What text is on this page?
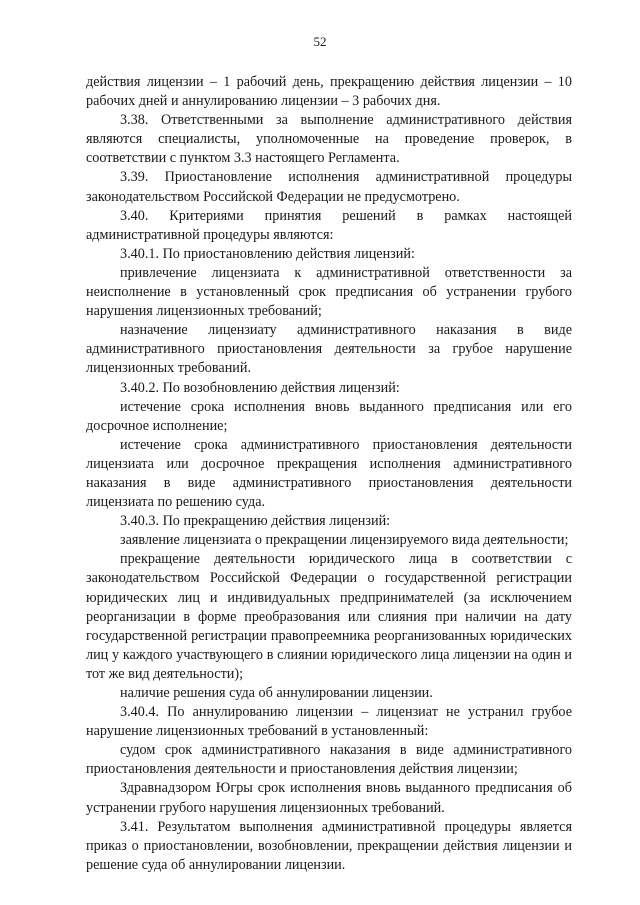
52

действия лицензии – 1 рабочий день, прекращению действия лицензии – 10 рабочих дней и аннулированию лицензии – 3 рабочих дня.

3.38. Ответственными за выполнение административного действия являются специалисты, уполномоченные на проведение проверок, в соответствии с пунктом 3.3 настоящего Регламента.

3.39. Приостановление исполнения административной процедуры законодательством Российской Федерации не предусмотрено.

3.40. Критериями принятия решений в рамках настоящей административной процедуры являются:

3.40.1. По приостановлению действия лицензий:

привлечение лицензиата к административной ответственности за неисполнение в установленный срок предписания об устранении грубого нарушения лицензионных требований;

назначение лицензиату административного наказания в виде административного приостановления деятельности за грубое нарушение лицензионных требований.

3.40.2. По возобновлению действия лицензий:

истечение срока исполнения вновь выданного предписания или его досрочное исполнение;

истечение срока административного приостановления деятельности лицензиата или досрочное прекращения исполнения административного наказания в виде административного приостановления деятельности лицензиата по решению суда.

3.40.3. По прекращению действия лицензий:

заявление лицензиата о прекращении лицензируемого вида деятельности;

прекращение деятельности юридического лица в соответствии с законодательством Российской Федерации о государственной регистрации юридических лиц и индивидуальных предпринимателей (за исключением реорганизации в форме преобразования или слияния при наличии на дату государственной регистрации правопреемника реорганизованных юридических лиц у каждого участвующего в слиянии юридического лица лицензии на один и тот же вид деятельности);

наличие решения суда об аннулировании лицензии.

3.40.4. По аннулированию лицензии – лицензиат не устранил грубое нарушение лицензионных требований в установленный:

судом срок административного наказания в виде административного приостановления деятельности и приостановления действия лицензии;

Здравнадзором Югры срок исполнения вновь выданного предписания об устранении грубого нарушения лицензионных требований.

3.41. Результатом выполнения административной процедуры является приказ о приостановлении, возобновлении, прекращении действия лицензии и решение суда об аннулировании лицензии.
